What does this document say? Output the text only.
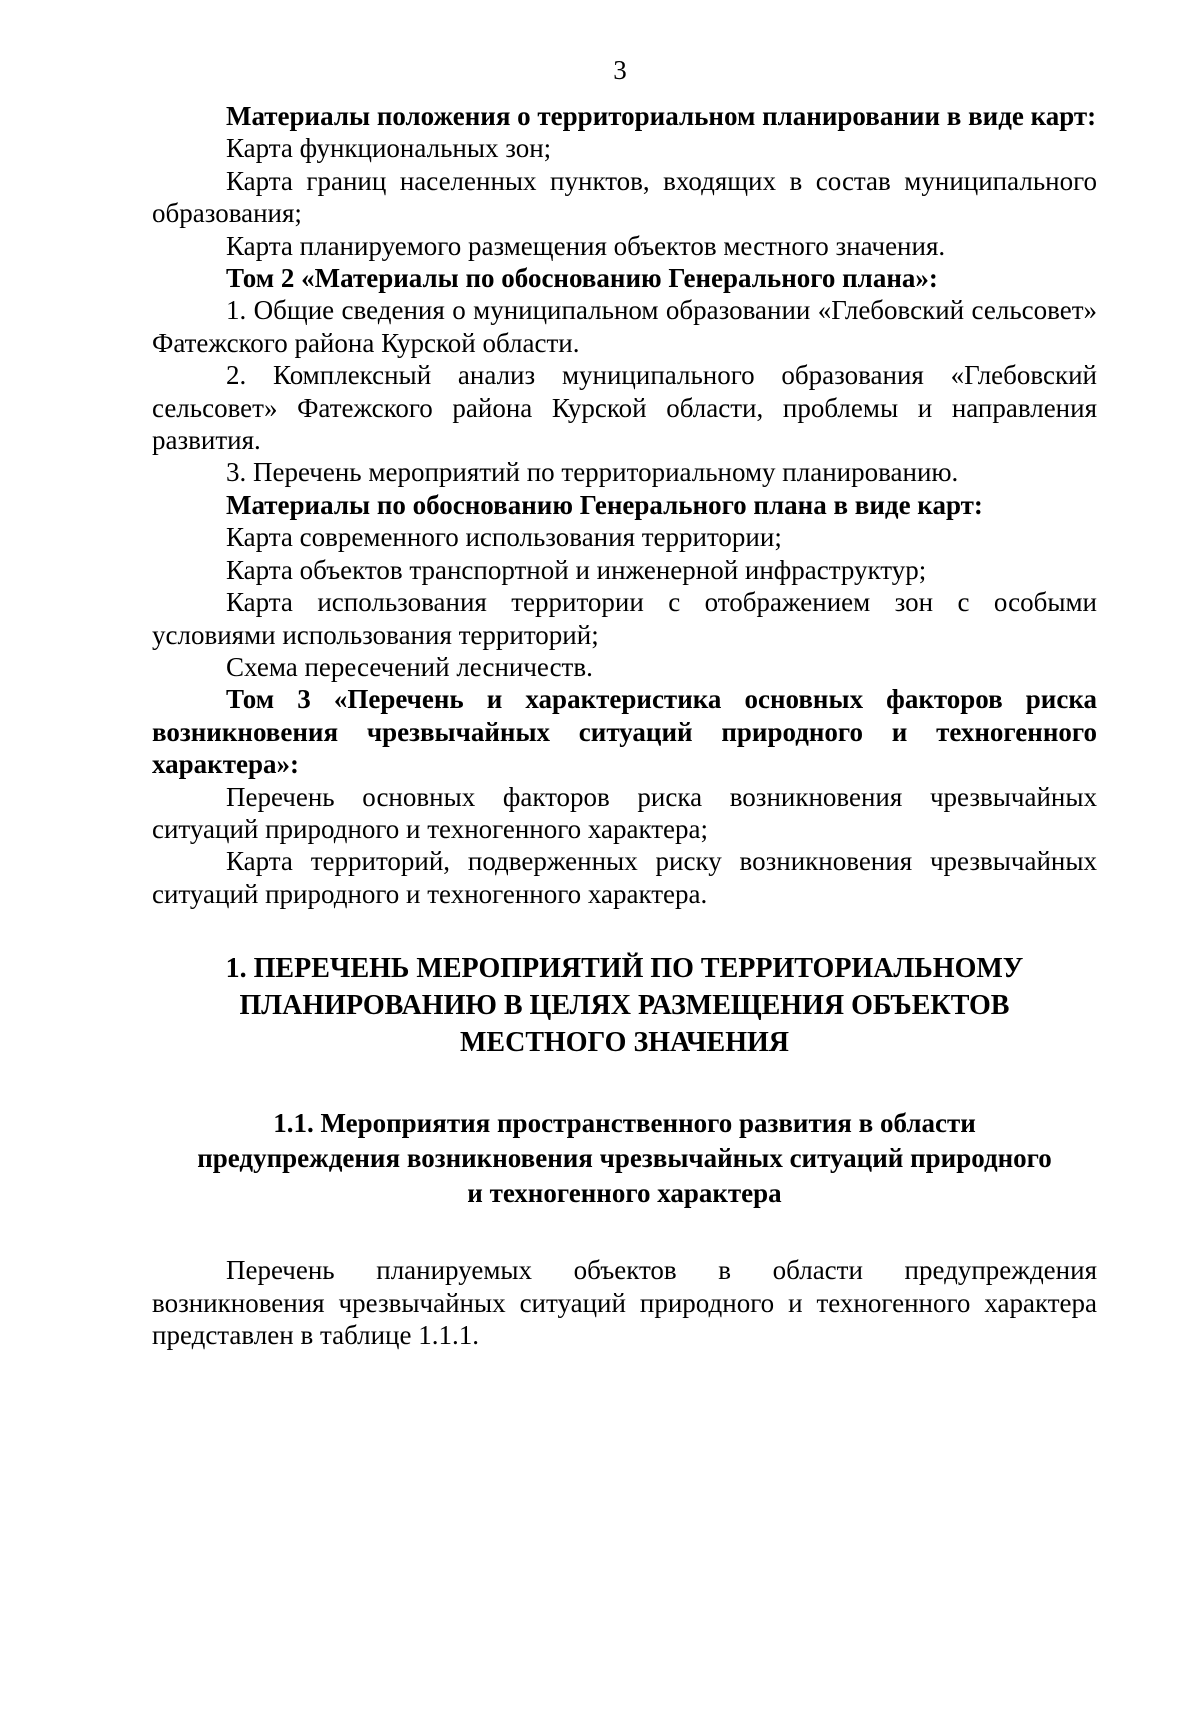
3

Материалы положения о территориальном планировании в виде карт:

Карта функциональных зон;

Карта границ населенных пунктов, входящих в состав муниципального образования;

Карта планируемого размещения объектов местного значения.

Том 2 «Материалы по обоснованию Генерального плана»:

1. Общие сведения о муниципальном образовании «Глебовский сельсовет» Фатежского района Курской области.

2. Комплексный анализ муниципального образования «Глебовский сельсовет» Фатежского района Курской области, проблемы и направления развития.

3. Перечень мероприятий по территориальному планированию.

Материалы по обоснованию Генерального плана в виде карт:

Карта современного использования территории;

Карта объектов транспортной и инженерной инфраструктур;

Карта использования территории с отображением зон с особыми условиями использования территорий;

Схема пересечений лесничеств.

Том 3 «Перечень и характеристика основных факторов риска возникновения чрезвычайных ситуаций природного и техногенного характера»:

Перечень основных факторов риска возникновения чрезвычайных ситуаций природного и техногенного характера;

Карта территорий, подверженных риску возникновения чрезвычайных ситуаций природного и техногенного характера.

1. ПЕРЕЧЕНЬ МЕРОПРИЯТИЙ ПО ТЕРРИТОРИАЛЬНОМУ
ПЛАНИРОВАНИЮ В ЦЕЛЯХ РАЗМЕЩЕНИЯ ОБЪЕКТОВ
МЕСТНОГО ЗНАЧЕНИЯ
1.1. Мероприятия пространственного развития в области
предупреждения возникновения чрезвычайных ситуаций природного
и техногенного характера

Перечень планируемых объектов в области предупреждения возникновения чрезвычайных ситуаций природного и техногенного характера представлен в таблице 1.1.1.
